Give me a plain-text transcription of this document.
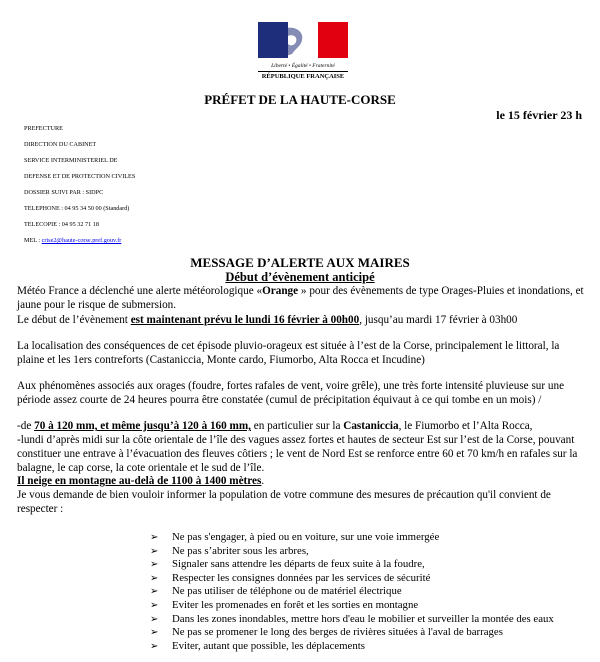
Liberté • Égalité • Fraternité
RÉPUBLIQUE FRANÇAISE
PRÉFET DE LA HAUTE-CORSE
le 15 février 23 h
PREFECTURE
DIRECTION DU CABINET
SERVICE INTERMINISTERIEL DE
DEFENSE ET DE PROTECTION CIVILES
DOSSIER SUIVI PAR : SIDPC
TELEPHONE : 04 95 34 50 00 (Standard)
TELECOPIE : 04 95 32 71 18
MEL : crise2@haute-corse.pref.gouv.fr
MESSAGE D’ALERTE AUX MAIRES
Début d’évènement anticipé
Météo France a déclenché une alerte météorologique «Orange » pour des évènements de type Orages-Pluies et inondations, et jaune pour le risque de submersion.
Le début de l’évènement est maintenant prévu le lundi 16 février à 00h00, jusqu’au mardi 17 février à 03h00
La localisation des conséquences de cet épisode pluvio-orageux est située à l’est de la Corse, principalement le littoral, la plaine et les 1ers contreforts (Castaniccia, Monte cardo, Fiumorbo, Alta Rocca et Incudine)
Aux phénomènes associés aux orages (foudre, fortes rafales de vent, voire grêle), une très forte intensité pluvieuse sur une période assez courte de 24 heures pourra être constatée (cumul de précipitation équivaut à ce qui tombe en un mois) /
-de 70 à 120 mm, et même jusqu’à 120 à 160 mm, en particulier sur la Castaniccia, le Fiumorbo et l’Alta Rocca,
-lundi d’après midi sur la côte orientale de l’île des vagues assez fortes et hautes de secteur Est sur l’est de la Corse, pouvant constituer une entrave à l’évacuation des fleuves côtiers ; le vent de Nord Est se renforce entre 60 et 70 km/h en rafales sur la balagne, le cap corse, la cote orientale et le sud de l’île.
Il neige en montagne au-delà de 1100 à 1400 mètres.
Je vous demande de bien vouloir informer la population de votre commune des mesures de précaution qu'il convient de respecter :
➢ Ne pas s'engager, à pied ou en voiture, sur une voie immergée
➢ Ne pas s’abriter sous les arbres,
➢ Signaler sans attendre les départs de feux suite à la foudre,
➢ Respecter les consignes données par les services de sécurité
➢ Ne pas utiliser de téléphone ou de matériel électrique
➢ Eviter les promenades en forêt et les sorties en montagne
➢ Dans les zones inondables, mettre hors d'eau le mobilier et surveiller la montée des eaux
➢ Ne pas se promener le long des berges de rivières situées à l'aval de barrages
➢ Eviter, autant que possible, les déplacements
